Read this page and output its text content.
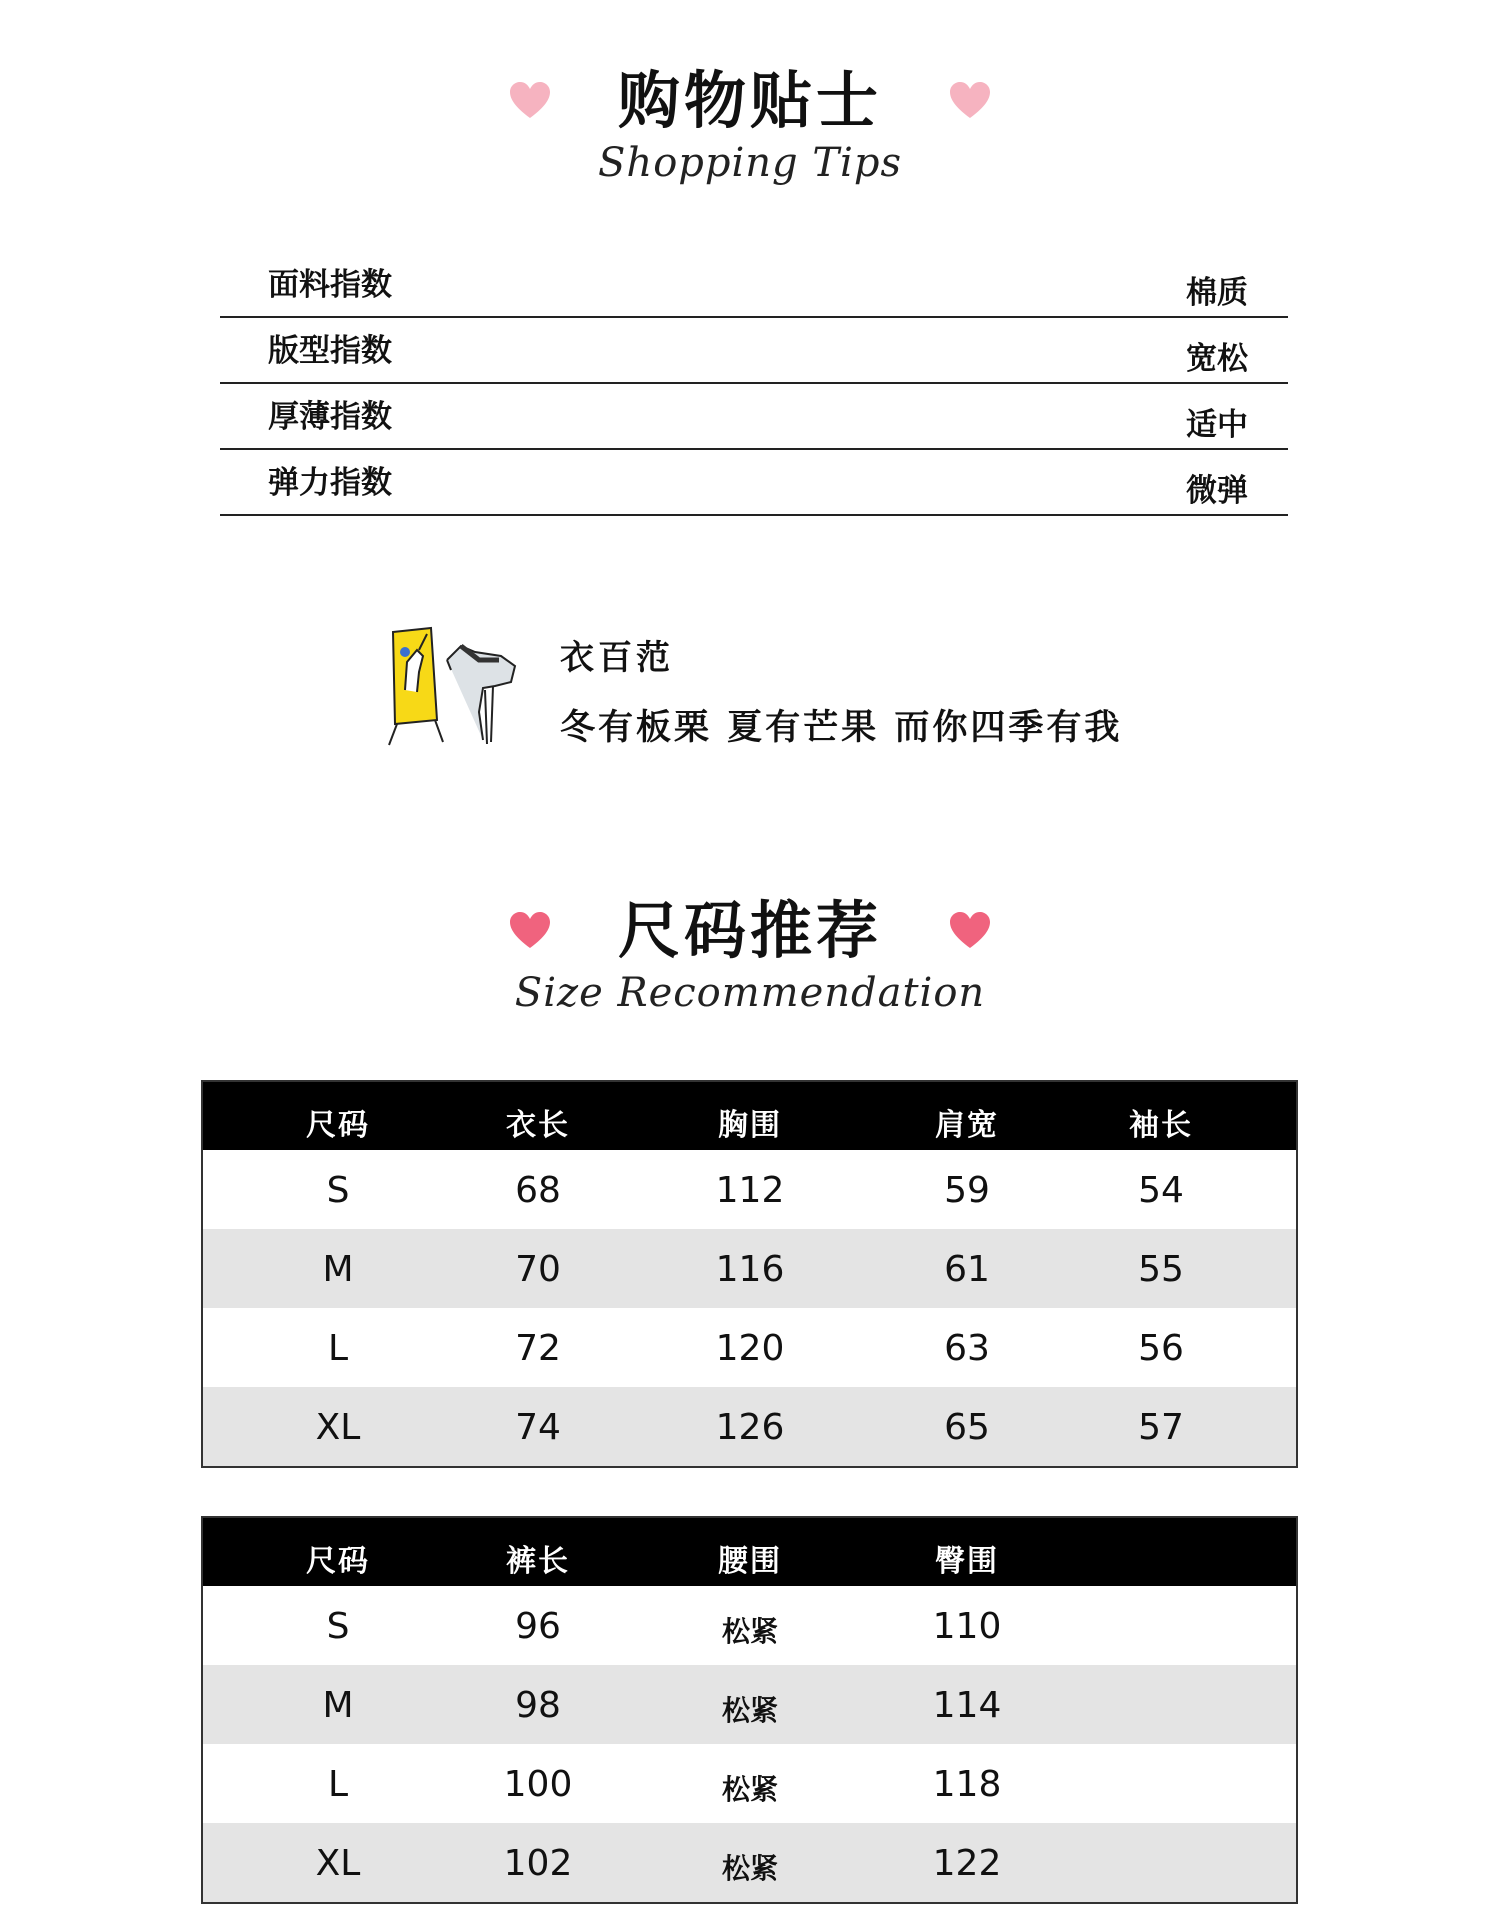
购物贴士
Shopping Tips
面料指数	棉质
版型指数	宽松
厚薄指数	适中
弹力指数	微弹
衣百范
冬有板栗 夏有芒果 而你四季有我
尺码推荐
Size Recommendation
尺码	衣长	胸围	肩宽	袖长
S	68	112	59	54
M	70	116	61	55
L	72	120	63	56
XL	74	126	65	57
尺码	裤长	腰围	臀围
S	96	松紧	110
M	98	松紧	114
L	100	松紧	118
XL	102	松紧	122
